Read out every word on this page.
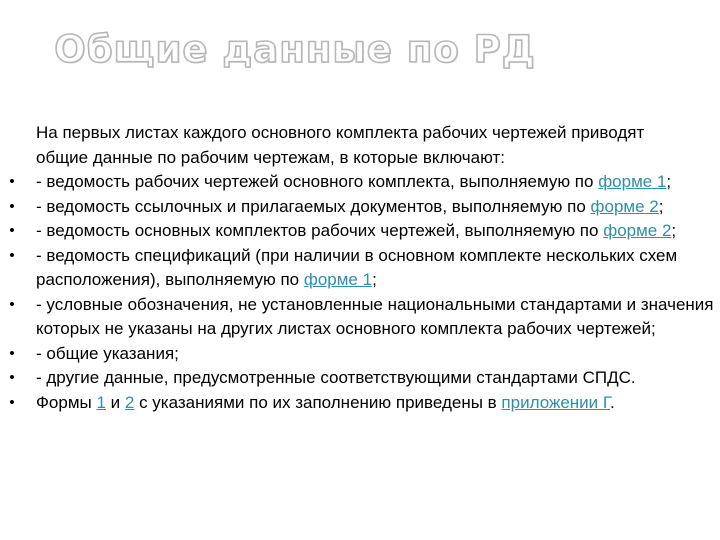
Общие данные по РД
На первых листах каждого основного комплекта рабочих чертежей приводят общие данные по рабочим чертежам, в которые включают:
• - ведомость рабочих чертежей основного комплекта, выполняемую по форме 1;
• - ведомость ссылочных и прилагаемых документов, выполняемую по форме 2;
• - ведомость основных комплектов рабочих чертежей, выполняемую по форме 2;
• - ведомость спецификаций (при наличии в основном комплекте нескольких схем расположения), выполняемую по форме 1;
• - условные обозначения, не установленные национальными стандартами и значения которых не указаны на других листах основного комплекта рабочих чертежей;
• - общие указания;
• - другие данные, предусмотренные соответствующими стандартами СПДС.
• Формы 1 и 2 с указаниями по их заполнению приведены в приложении Г.
